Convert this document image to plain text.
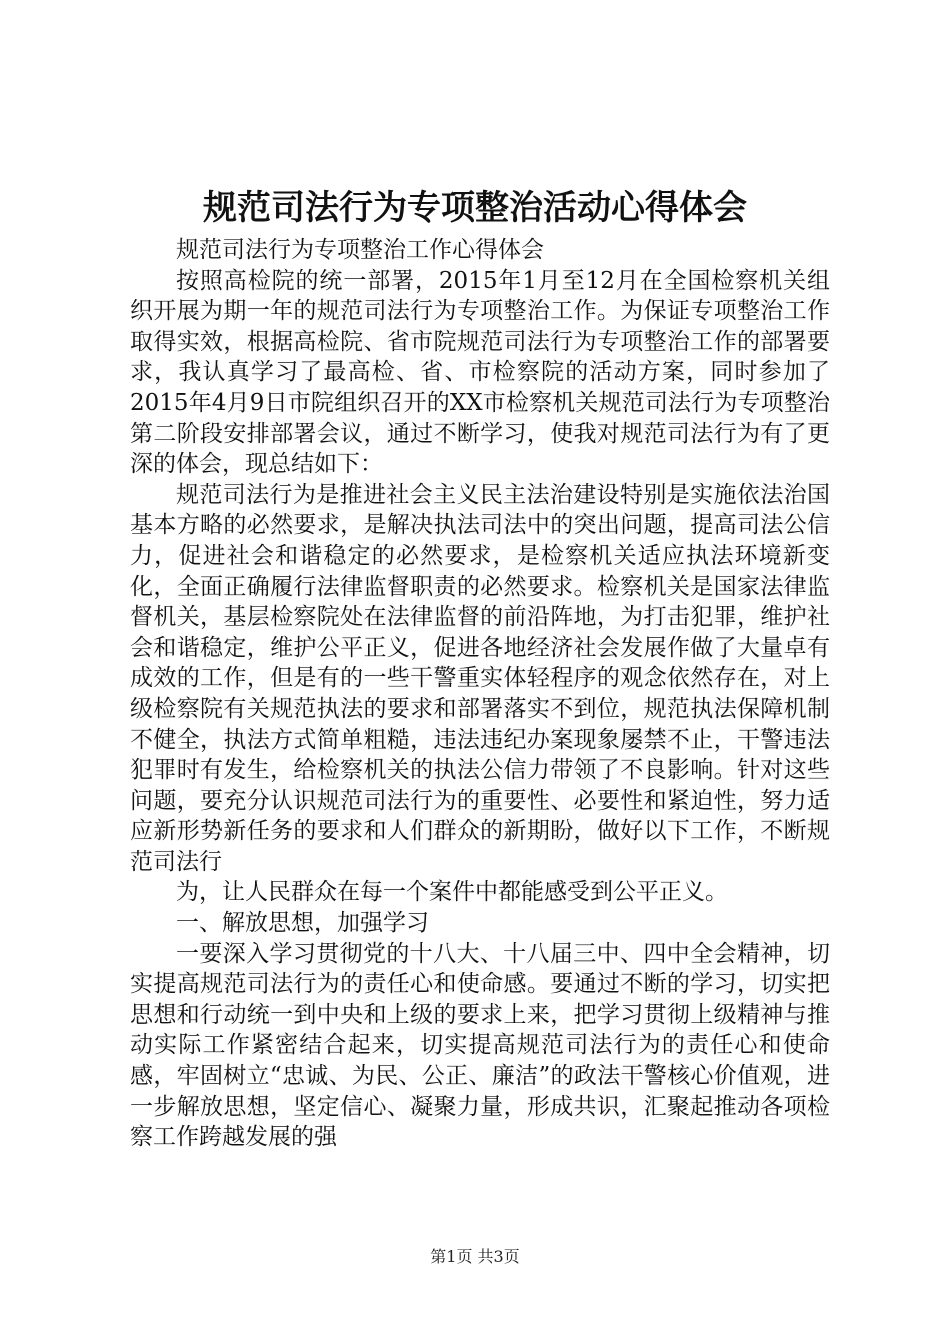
规范司法行为专项整治活动心得体会

规范司法行为专项整治工作心得体会

按照高检院的统一部署，2015年1月至12月在全国检察机关组织开展为期一年的规范司法行为专项整治工作。为保证专项整治工作取得实效，根据高检院、省市院规范司法行为专项整治工作的部署要求，我认真学习了最高检、省、市检察院的活动方案，同时参加了2015年4月9日市院组织召开的XX市检察机关规范司法行为专项整治第二阶段安排部署会议，通过不断学习，使我对规范司法行为有了更深的体会，现总结如下：

规范司法行为是推进社会主义民主法治建设特别是实施依法治国基本方略的必然要求，是解决执法司法中的突出问题，提高司法公信力，促进社会和谐稳定的必然要求，是检察机关适应执法环境新变化，全面正确履行法律监督职责的必然要求。检察机关是国家法律监督机关，基层检察院处在法律监督的前沿阵地，为打击犯罪，维护社会和谐稳定，维护公平正义，促进各地经济社会发展作做了大量卓有成效的工作，但是有的一些干警重实体轻程序的观念依然存在，对上级检察院有关规范执法的要求和部署落实不到位，规范执法保障机制不健全，执法方式简单粗糙，违法违纪办案现象屡禁不止，干警违法犯罪时有发生，给检察机关的执法公信力带领了不良影响。针对这些问题，要充分认识规范司法行为的重要性、必要性和紧迫性，努力适应新形势新任务的要求和人们群众的新期盼，做好以下工作，不断规范司法行

为，让人民群众在每一个案件中都能感受到公平正义。

一、解放思想，加强学习

一要深入学习贯彻党的十八大、十八届三中、四中全会精神，切实提高规范司法行为的责任心和使命感。要通过不断的学习，切实把思想和行动统一到中央和上级的要求上来，把学习贯彻上级精神与推动实际工作紧密结合起来，切实提高规范司法行为的责任心和使命感，牢固树立“忠诚、为民、公正、廉洁”的政法干警核心价值观，进一步解放思想，坚定信心、凝聚力量，形成共识，汇聚起推动各项检察工作跨越发展的强

第1页 共3页
